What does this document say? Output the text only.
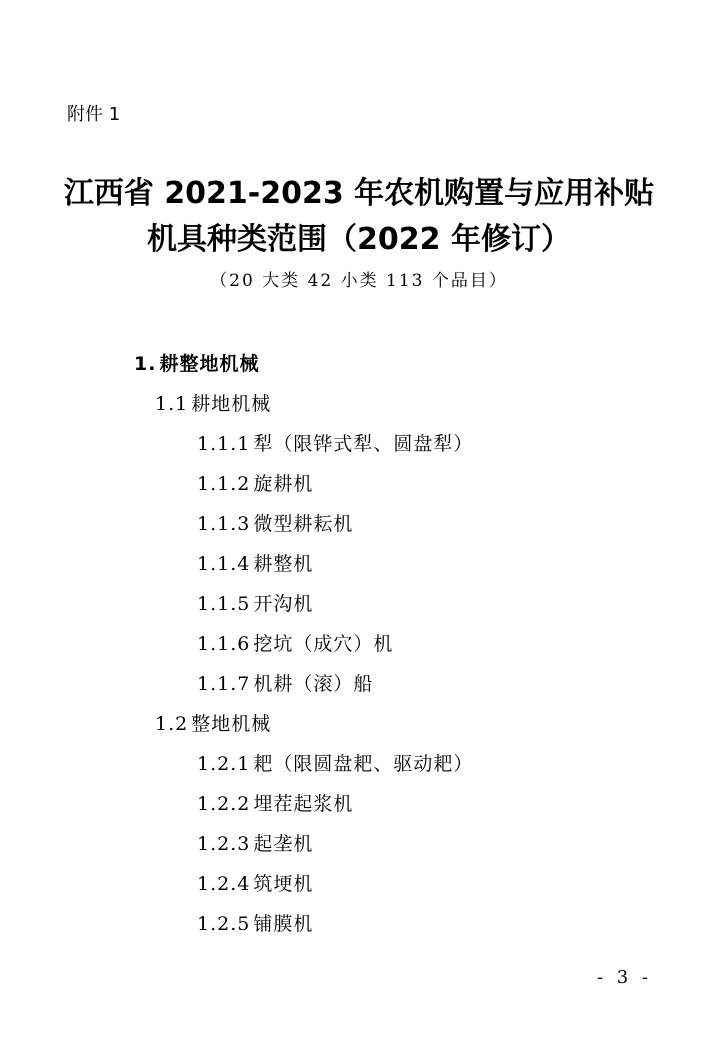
附件 1
江西省 2021-2023 年农机购置与应用补贴
机具种类范围（2022 年修订）
（20 大类 42 小类 113 个品目）
1. 耕整地机械
1.1 耕地机械
1.1.1 犁（限铧式犁、圆盘犁）
1.1.2 旋耕机
1.1.3 微型耕耘机
1.1.4 耕整机
1.1.5 开沟机
1.1.6 挖坑（成穴）机
1.1.7 机耕（滚）船
1.2 整地机械
1.2.1 耙（限圆盘耙、驱动耙）
1.2.2 埋茬起浆机
1.2.3 起垄机
1.2.4 筑埂机
1.2.5 铺膜机
- 3 -
